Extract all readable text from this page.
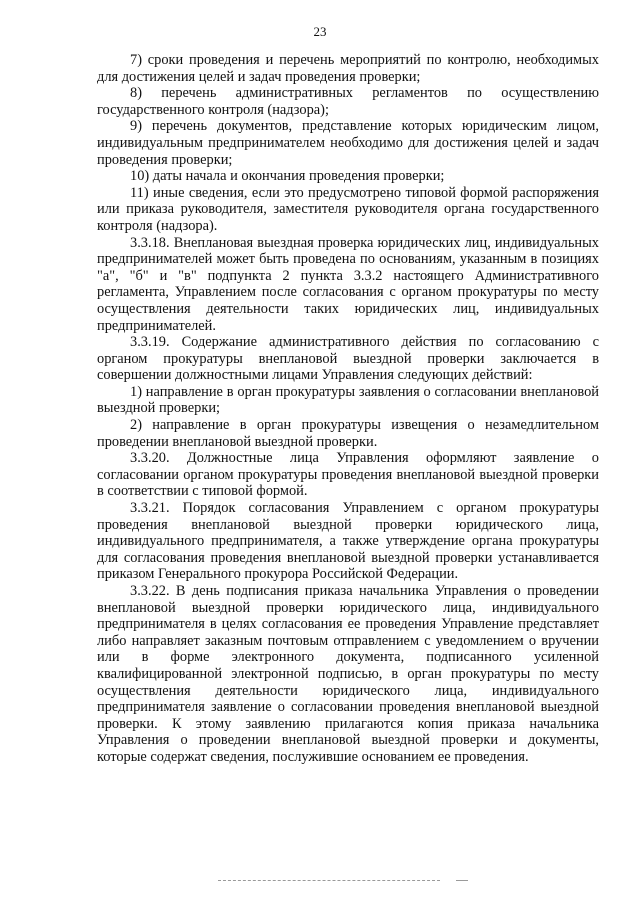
23

7) сроки проведения и перечень мероприятий по контролю, необходимых для достижения целей и задач проведения проверки;

8) перечень административных регламентов по осуществлению государственного контроля (надзора);

9) перечень документов, представление которых юридическим лицом, индивидуальным предпринимателем необходимо для достижения целей и задач проведения проверки;

10) даты начала и окончания проведения проверки;

11) иные сведения, если это предусмотрено типовой формой распоряжения или приказа руководителя, заместителя руководителя органа государственного контроля (надзора).

3.3.18. Внеплановая выездная проверка юридических лиц, индивидуальных предпринимателей может быть проведена по основаниям, указанным в позициях "а", "б" и "в" подпункта 2 пункта 3.3.2 настоящего Административного регламента, Управлением после согласования с органом прокуратуры по месту осуществления деятельности таких юридических лиц, индивидуальных предпринимателей.

3.3.19. Содержание административного действия по согласованию с органом прокуратуры внеплановой выездной проверки заключается в совершении должностными лицами Управления следующих действий:

1) направление в орган прокуратуры заявления о согласовании внеплановой выездной проверки;

2) направление в орган прокуратуры извещения о незамедлительном проведении внеплановой выездной проверки.

3.3.20. Должностные лица Управления оформляют заявление о согласовании органом прокуратуры проведения внеплановой выездной проверки в соответствии с типовой формой.

3.3.21. Порядок согласования Управлением с органом прокуратуры проведения внеплановой выездной проверки юридического лица, индивидуального предпринимателя, а также утверждение органа прокуратуры для согласования проведения внеплановой выездной проверки устанавливается приказом Генерального прокурора Российской Федерации.

3.3.22. В день подписания приказа начальника Управления о проведении внеплановой выездной проверки юридического лица, индивидуального предпринимателя в целях согласования ее проведения Управление представляет либо направляет заказным почтовым отправлением с уведомлением о вручении или в форме электронного документа, подписанного усиленной квалифицированной электронной подписью, в орган прокуратуры по месту осуществления деятельности юридического лица, индивидуального предпринимателя заявление о согласовании проведения внеплановой выездной проверки. К этому заявлению прилагаются копия приказа начальника Управления о проведении внеплановой выездной проверки и документы, которые содержат сведения, послужившие основанием ее проведения.
